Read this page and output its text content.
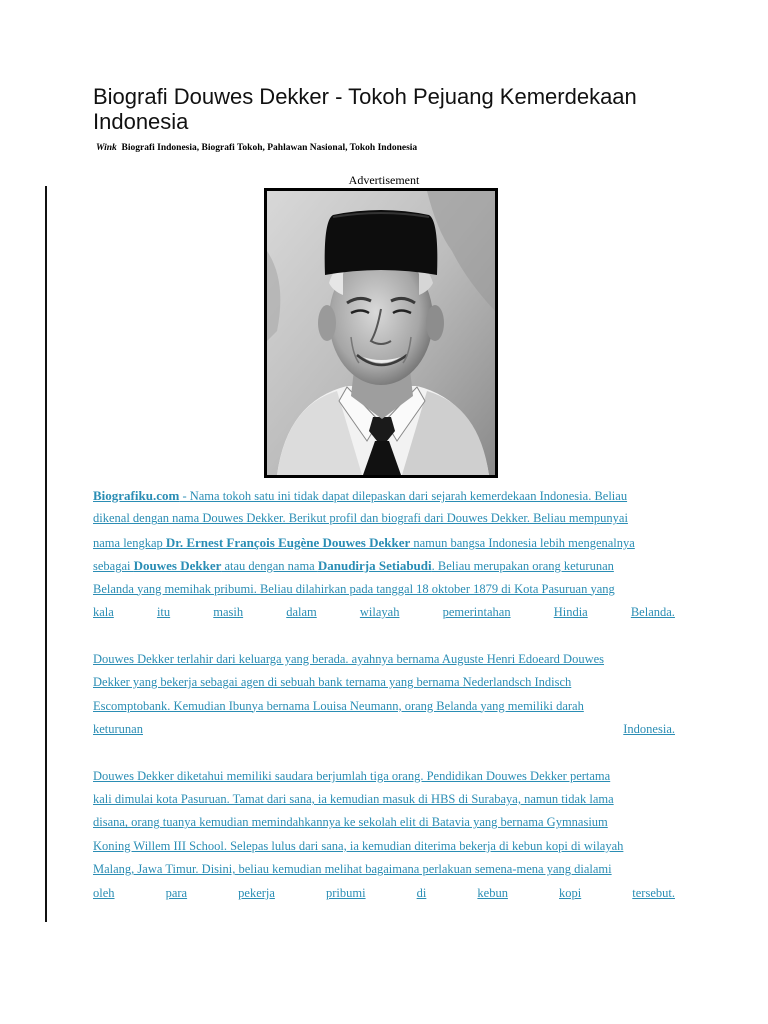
Biografi Douwes Dekker - Tokoh Pejuang Kemerdekaan Indonesia
Wink Biografi Indonesia, Biografi Tokoh, Pahlawan Nasional, Tokoh Indonesia
Advertisement
Biografiku.com - Nama tokoh satu ini tidak dapat dilepaskan dari sejarah kemerdekaan Indonesia. Beliau
dikenal dengan nama Douwes Dekker. Berikut profil dan biografi dari Douwes Dekker. Beliau mempunyai
nama lengkap Dr. Ernest François Eugène Douwes Dekker namun bangsa Indonesia lebih mengenalnya
sebagai Douwes Dekker atau dengan nama Danudirja Setiabudi. Beliau merupakan orang keturunan
Belanda yang memihak pribumi. Beliau dilahirkan pada tanggal 18 oktober 1879 di Kota Pasuruan yang
kala	itu	masih	dalam	wilayah	pemerintahan	Hindia	Belanda.
Douwes Dekker terlahir dari keluarga yang berada. ayahnya bernama Auguste Henri Edoeard Douwes
Dekker yang bekerja sebagai agen di sebuah bank ternama yang bernama Nederlandsch Indisch
Escomptobank. Kemudian Ibunya bernama Louisa Neumann, orang Belanda yang memiliki darah
keturunan	Indonesia.
Douwes Dekker diketahui memiliki saudara berjumlah tiga orang. Pendidikan Douwes Dekker pertama
kali dimulai kota Pasuruan. Tamat dari sana, ia kemudian masuk di HBS di Surabaya, namun tidak lama
disana, orang tuanya kemudian memindahkannya ke sekolah elit di Batavia yang bernama Gymnasium
Koning Willem III School. Selepas lulus dari sana, ia kemudian diterima bekerja di kebun kopi di wilayah
Malang, Jawa Timur. Disini, beliau kemudian melihat bagaimana perlakuan semena-mena yang dialami
oleh	para	pekerja	pribumi	di	kebun	kopi	tersebut.
